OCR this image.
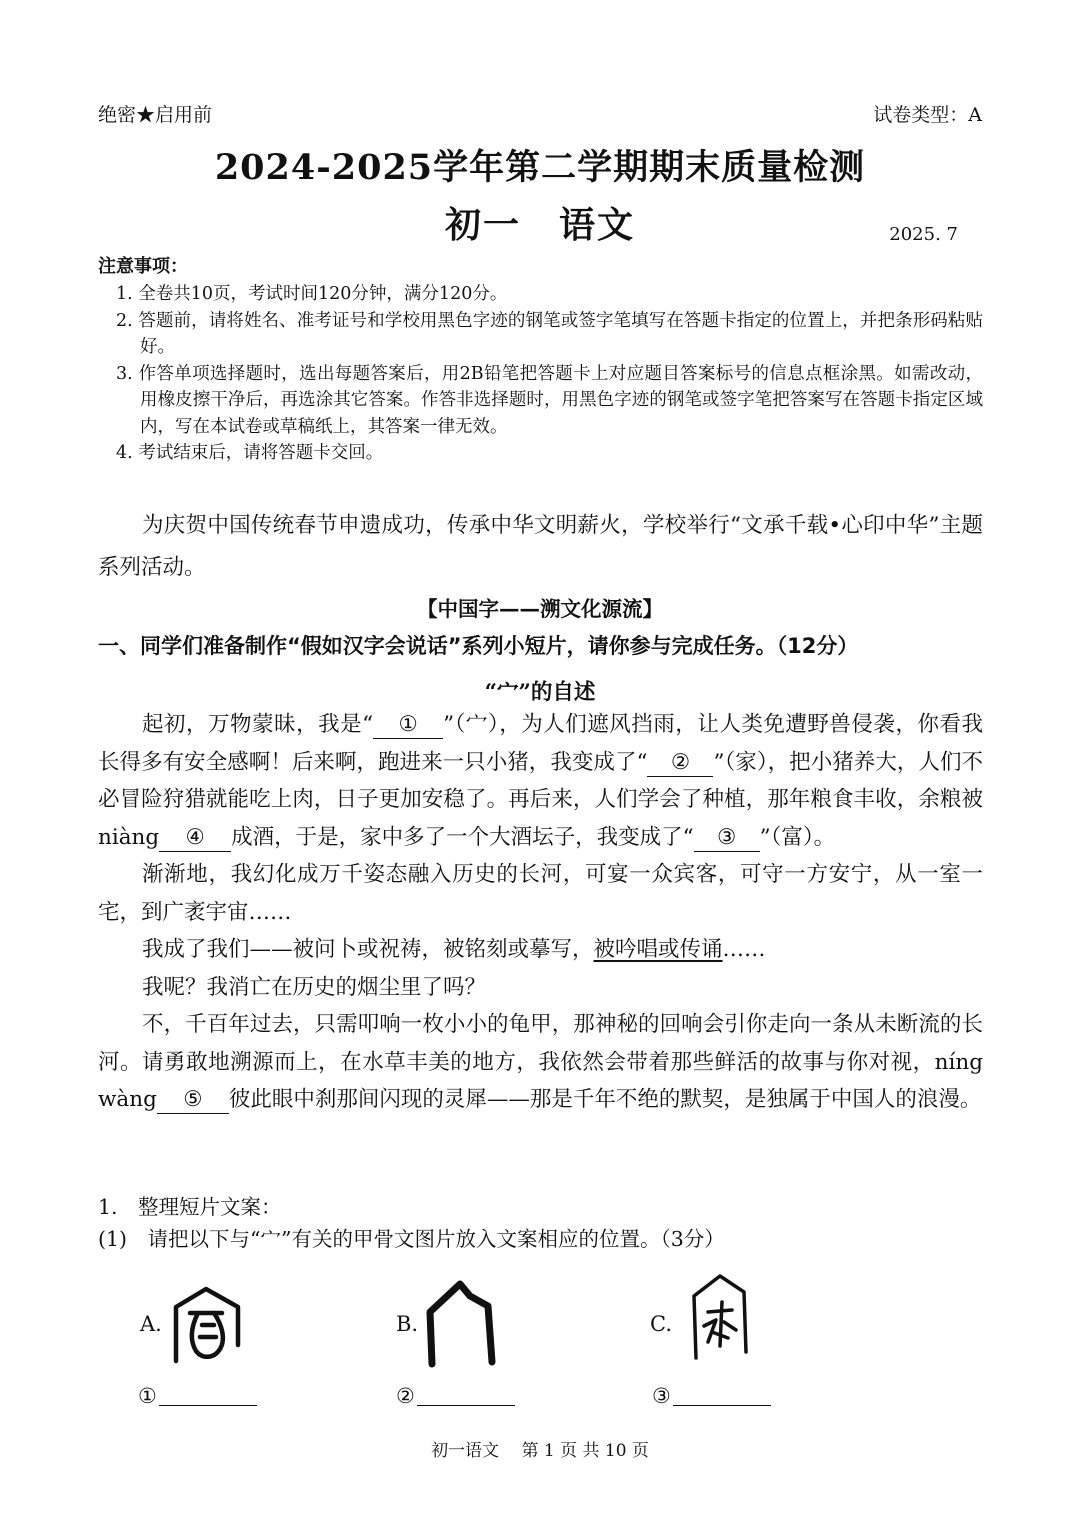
绝密★启用前	试卷类型：A
2024-2025学年第二学期期末质量检测
初一　语文	2025. 7
注意事项：
1. 全卷共10页，考试时间120分钟，满分120分。
2. 答题前，请将姓名、准考证号和学校用黑色字迹的钢笔或签字笔填写在答题卡指定的位置上，并把条形码粘贴好。
3. 作答单项选择题时，选出每题答案后，用2B铅笔把答题卡上对应题目答案标号的信息点框涂黑。如需改动，用橡皮擦干净后，再选涂其它答案。作答非选择题时，用黑色字迹的钢笔或签字笔把答案写在答题卡指定区域内，写在本试卷或草稿纸上，其答案一律无效。
4. 考试结束后，请将答题卡交回。
为庆贺中国传统春节申遗成功，传承中华文明薪火，学校举行“文承千载•心印中华”主题系列活动。
【中国字——溯文化源流】
一、同学们准备制作“假如汉字会说话”系列小短片，请你参与完成任务。（12分）
“宀”的自述

起初，万物蒙昧，我是“ ① ”（宀），为人们遮风挡雨，让人类免遭野兽侵袭，你看我长得多有安全感啊！后来啊，跑进来一只小猪，我变成了“ ② ”（家），把小猪养大，人们不必冒险狩猎就能吃上肉，日子更加安稳了。再后来，人们学会了种植，那年粮食丰收，余粮被 niàng ④ 成酒，于是，家中多了一个大酒坛子，我变成了“ ③ ”（富）。

渐渐地，我幻化成万千姿态融入历史的长河，可宴一众宾客，可守一方安宁，从一室一宅，到广袤宇宙……

我成了我们——被问卜或祝祷，被铭刻或摹写，被吟唱或传诵……

我呢？我消亡在历史的烟尘里了吗？

不，千百年过去，只需叩响一枚小小的龟甲，那神秘的回响会引你走向一条从未断流的长河。请勇敢地溯源而上，在水草丰美的地方，我依然会带着那些鲜活的故事与你对视，níng wàng ⑤ 彼此眼中刹那间闪现的灵犀——那是千年不绝的默契，是独属于中国人的浪漫。

1.　整理短片文案：
(1)　请把以下与“宀”有关的甲骨文图片放入文案相应的位置。（3分）
A.
①
B.
②
C.
③
初一语文　 第 1 页 共 10 页
